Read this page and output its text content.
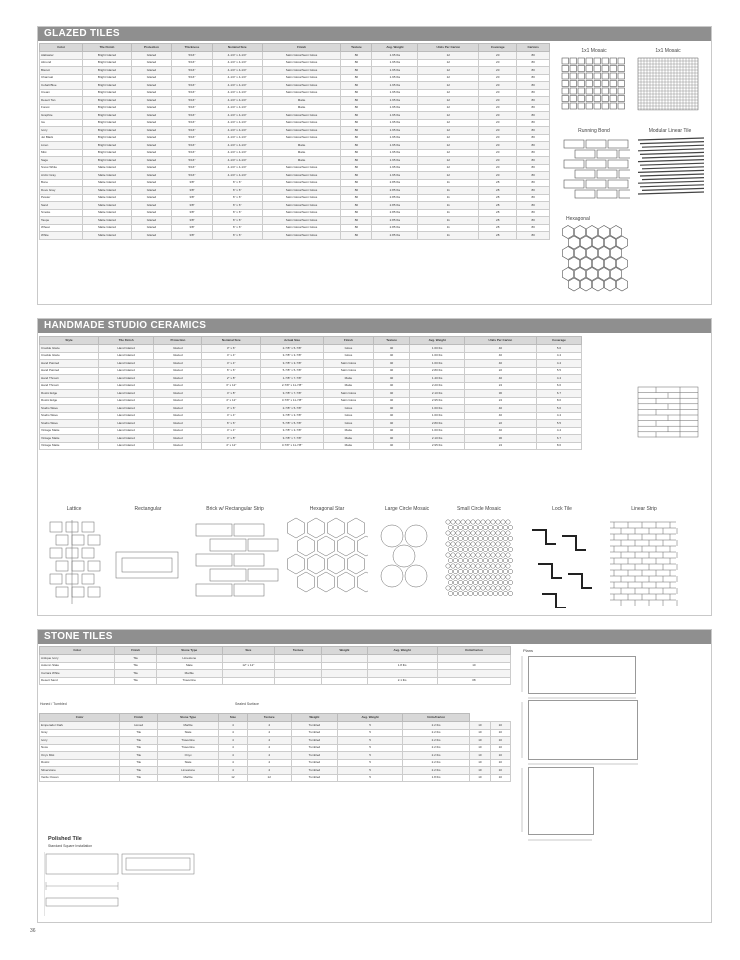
GLAZED TILES
Color	Tile Finish	Protection	Thickness	Nominal Size	Finish	Texture	Avg. Weight	Units Per Carton	Coverage	Cartons
Alabaster	Bright Glazed	Glazed	5/16"	4-1/4" x 4-1/4"	Satin Gloss/Semi Gloss	80	1.95 lbs	12	20	80
Almond	Bright Glazed	Glazed	5/16"	4-1/4" x 4-1/4"	Satin Gloss/Semi Gloss	80	1.95 lbs	12	20	80
Biscuit	Bright Glazed	Glazed	5/16"	4-1/4" x 4-1/4"	Satin Gloss/Semi Gloss	80	1.95 lbs	12	20	80
Charcoal	Bright Glazed	Glazed	5/16"	4-1/4" x 4-1/4"	Satin Gloss/Semi Gloss	80	1.95 lbs	12	20	80
Cobalt Blue	Bright Glazed	Glazed	5/16"	4-1/4" x 4-1/4"	Satin Gloss/Semi Gloss	80	1.95 lbs	12	20	80
Cream	Bright Glazed	Glazed	5/16"	4-1/4" x 4-1/4"	Satin Gloss/Semi Gloss	80	1.95 lbs	12	20	80
Desert Tan	Bright Glazed	Glazed	5/16"	4-1/4" x 4-1/4"	Matte	80	1.95 lbs	12	20	80
Forest	Bright Glazed	Glazed	5/16"	4-1/4" x 4-1/4"	Matte	80	1.95 lbs	12	20	80
Graphite	Bright Glazed	Glazed	5/16"	4-1/4" x 4-1/4"	Satin Gloss/Semi Gloss	80	1.95 lbs	12	20	80
Ice	Bright Glazed	Glazed	5/16"	4-1/4" x 4-1/4"	Satin Gloss/Semi Gloss	80	1.95 lbs	12	20	80
Ivory	Bright Glazed	Glazed	5/16"	4-1/4" x 4-1/4"	Satin Gloss/Semi Gloss	80	1.95 lbs	12	20	80
Jet Black	Bright Glazed	Glazed	5/16"	4-1/4" x 4-1/4"	Satin Gloss/Semi Gloss	80	1.95 lbs	12	20	80
Linen	Bright Glazed	Glazed	5/16"	4-1/4" x 4-1/4"	Matte	80	1.95 lbs	12	20	80
Mist	Bright Glazed	Glazed	5/16"	4-1/4" x 4-1/4"	Matte	80	1.95 lbs	12	20	80
Sage	Bright Glazed	Glazed	5/16"	4-1/4" x 4-1/4"	Matte	80	1.95 lbs	12	20	80
Snow White	Matte Glazed	Glazed	5/16"	4-1/4" x 4-1/4"	Satin Gloss/Semi Gloss	80	1.95 lbs	12	20	80
Arctic Gray	Matte Glazed	Glazed	5/16"	4-1/4" x 4-1/4"	Satin Gloss/Semi Gloss	80	1.95 lbs	12	20	80
Bone	Matte Glazed	Glazed	3/8"	6" x 6"	Satin Gloss/Semi Gloss	80	2.85 lbs	11	28	80
Dove Gray	Matte Glazed	Glazed	3/8"	6" x 6"	Satin Gloss/Semi Gloss	80	2.85 lbs	11	28	80
Pewter	Matte Glazed	Glazed	3/8"	6" x 6"	Satin Gloss/Semi Gloss	80	2.85 lbs	11	28	80
Sand	Matte Glazed	Glazed	3/8"	6" x 6"	Satin Gloss/Semi Gloss	80	2.85 lbs	11	28	80
Smoke	Matte Glazed	Glazed	3/8"	6" x 6"	Satin Gloss/Semi Gloss	80	2.85 lbs	11	28	80
Taupe	Matte Glazed	Glazed	3/8"	6" x 6"	Satin Gloss/Semi Gloss	80	2.85 lbs	11	28	80
Wheat	Matte Glazed	Glazed	3/8"	6" x 6"	Satin Gloss/Semi Gloss	80	2.85 lbs	11	28	80
White	Matte Glazed	Glazed	3/8"	6" x 6"	Satin Gloss/Semi Gloss	80	2.85 lbs	11	28	80
1x1 Mosaic	1x1 Mosaic
Running Bond	Modular Linear Tile
Hexagonal
HANDMADE STUDIO CERAMICS
Style	Tile Finish	Protection	Nominal Size	Actual Size	Finish	Texture	Avg. Weight	Units Per Carton	Coverage
Crackle Glaze	Hand Glazed	Glazed	3" x 6"	2-7/8" x 5-7/8"	Gloss	40	1.60 lbs	40	5.0
Crackle Glaze	Hand Glazed	Glazed	4" x 4"	3-7/8" x 3-7/8"	Gloss	40	1.60 lbs	40	4.4
Hand Painted	Hand Glazed	Glazed	4" x 4"	3-7/8" x 3-7/8"	Satin Gloss	40	1.60 lbs	40	4.4
Hand Painted	Hand Glazed	Glazed	6" x 6"	5-7/8" x 5-7/8"	Satin Gloss	40	2.80 lbs	22	5.5
Hand Thrown	Hand Glazed	Glazed	2" x 8"	1-7/8" x 7-7/8"	Matte	40	1.40 lbs	40	4.4
Hand Thrown	Hand Glazed	Glazed	3" x 12"	2-7/8" x 11-7/8"	Matte	40	2.20 lbs	24	6.0
Rustic Edge	Hand Glazed	Glazed	4" x 8"	3-7/8" x 7-7/8"	Satin Gloss	40	2.10 lbs	30	6.7
Rustic Edge	Hand Glazed	Glazed	4" x 12"	3-7/8" x 11-7/8"	Satin Gloss	40	2.95 lbs	24	8.0
Studio Wave	Hand Glazed	Glazed	3" x 6"	2-7/8" x 5-7/8"	Gloss	40	1.60 lbs	40	5.0
Studio Wave	Hand Glazed	Glazed	4" x 4"	3-7/8" x 3-7/8"	Gloss	40	1.60 lbs	40	4.4
Studio Wave	Hand Glazed	Glazed	6" x 6"	5-7/8" x 5-7/8"	Gloss	40	2.80 lbs	22	5.5
Vintage Matte	Hand Glazed	Glazed	4" x 4"	3-7/8" x 3-7/8"	Matte	40	1.60 lbs	40	4.4
Vintage Matte	Hand Glazed	Glazed	4" x 8"	3-7/8" x 7-7/8"	Matte	40	2.10 lbs	30	6.7
Vintage Matte	Hand Glazed	Glazed	4" x 12"	3-7/8" x 11-7/8"	Matte	40	2.95 lbs	24	8.0
Lattice	Rectangular	Brick w/ Rectangular Strip	Hexagonal Star	Large Circle Mosaic	Small Circle Mosaic	Lock Tile	Linear Strip
STONE TILES
Color	Finish	Stone Type	Size	Texture	Weight	Avg. Weight	Units/Carton
Antique Ivory	Tile	Limestone					
Autumn Slate	Tile	Slate	12" x 12"			1.8 lbs	10
Carrara White	Tile	Marble					
Desert Sand	Tile	Travertine				2.1 lbs	08
Honed / Tumbled	Sealed Surface
Color	Finish	Stone Type	Size	Texture	Weight	Avg. Weight	Units/Carton		
Emperador Dark	Honed	Marble	4	4	Tumbled	5	2.2 lbs	10	10
Gray	Tile	Slate	4	4	Tumbled	5	2.2 lbs	10	10
Ivory	Tile	Travertine	4	4	Tumbled	5	2.2 lbs	10	10
Noce	Tile	Travertine	4	4	Tumbled	5	2.2 lbs	10	10
Onyx Mist	Tile	Onyx	4	4	Tumbled	5	2.2 lbs	10	10
Rustic	Tile	Slate	4	4	Tumbled	5	2.2 lbs	10	10
Silverstone	Tile	Limestone	4	4	Tumbled	5	2.2 lbs	10	10
Verde Ocean	Tile	Marble	12	12	Tumbled	5	1.8 lbs	10	10
Plans
Polished Tile
Standard Square Installation
36
